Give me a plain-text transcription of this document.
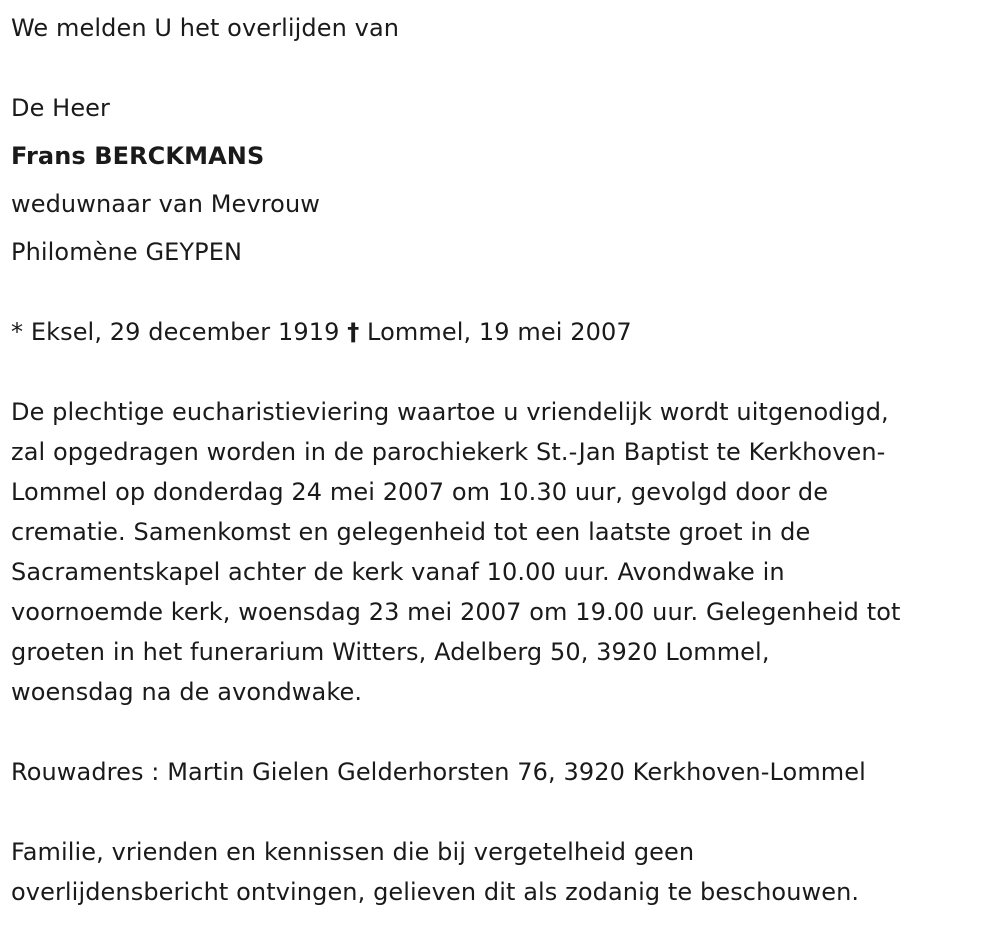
We melden U het overlijden van

De Heer

Frans BERCKMANS

weduwnaar van Mevrouw

Philomène GEYPEN

* Eksel, 29 december 1919 † Lommel, 19 mei 2007

De plechtige eucharistieviering waartoe u vriendelijk wordt uitgenodigd,

zal opgedragen worden in de parochiekerk St.-Jan Baptist te Kerkhoven-

Lommel op donderdag 24 mei 2007 om 10.30 uur, gevolgd door de

crematie. Samenkomst en gelegenheid tot een laatste groet in de

Sacramentskapel achter de kerk vanaf 10.00 uur. Avondwake in

voornoemde kerk, woensdag 23 mei 2007 om 19.00 uur. Gelegenheid tot

groeten in het funerarium Witters, Adelberg 50, 3920 Lommel,

woensdag na de avondwake.

Rouwadres : Martin Gielen Gelderhorsten 76, 3920 Kerkhoven-Lommel

Familie, vrienden en kennissen die bij vergetelheid geen

overlijdensbericht ontvingen, gelieven dit als zodanig te beschouwen.
